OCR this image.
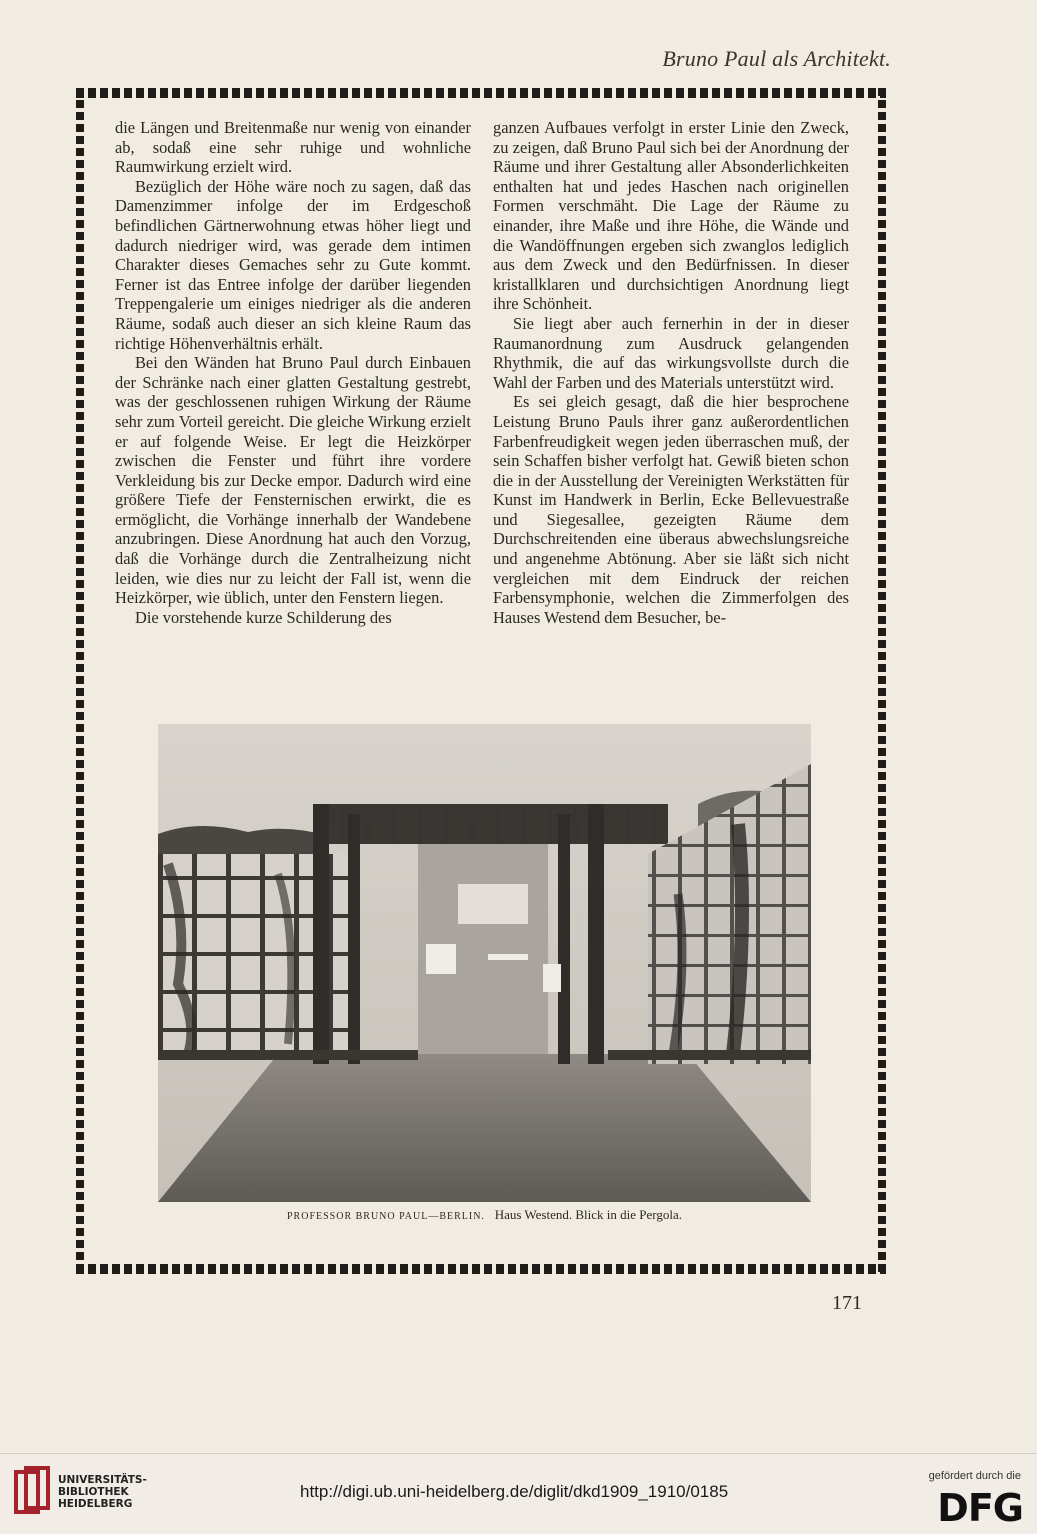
Bruno Paul als Architekt.

die Längen und Breitenmaße nur wenig von einander ab, sodaß eine sehr ruhige und wohnliche Raumwirkung erzielt wird.

Bezüglich der Höhe wäre noch zu sagen, daß das Damenzimmer infolge der im Erdgeschoß befindlichen Gärtnerwohnung etwas höher liegt und dadurch niedriger wird, was gerade dem intimen Charakter dieses Gemaches sehr zu Gute kommt. Ferner ist das Entree infolge der darüber liegenden Treppengalerie um einiges niedriger als die anderen Räume, sodaß auch dieser an sich kleine Raum das richtige Höhenverhältnis erhält.

Bei den Wänden hat Bruno Paul durch Einbauen der Schränke nach einer glatten Gestaltung gestrebt, was der geschlossenen ruhigen Wirkung der Räume sehr zum Vorteil gereicht. Die gleiche Wirkung erzielt er auf folgende Weise. Er legt die Heizkörper zwischen die Fenster und führt ihre vordere Verkleidung bis zur Decke empor. Dadurch wird eine größere Tiefe der Fensternischen erwirkt, die es ermöglicht, die Vorhänge innerhalb der Wandebene anzubringen. Diese Anordnung hat auch den Vorzug, daß die Vorhänge durch die Zentralheizung nicht leiden, wie dies nur zu leicht der Fall ist, wenn die Heizkörper, wie üblich, unter den Fenstern liegen.

Die vorstehende kurze Schilderung des

ganzen Aufbaues verfolgt in erster Linie den Zweck, zu zeigen, daß Bruno Paul sich bei der Anordnung der Räume und ihrer Gestaltung aller Absonderlichkeiten enthalten hat und jedes Haschen nach originellen Formen verschmäht. Die Lage der Räume zu einander, ihre Maße und ihre Höhe, die Wände und die Wandöffnungen ergeben sich zwanglos lediglich aus dem Zweck und den Bedürfnissen. In dieser kristallklaren und durchsichtigen Anordnung liegt ihre Schönheit.

Sie liegt aber auch fernerhin in der in dieser Raumanordnung zum Ausdruck gelangenden Rhythmik, die auf das wirkungsvollste durch die Wahl der Farben und des Materials unterstützt wird.

Es sei gleich gesagt, daß die hier besprochene Leistung Bruno Pauls ihrer ganz außerordentlichen Farbenfreudigkeit wegen jeden überraschen muß, der sein Schaffen bisher verfolgt hat. Gewiß bieten schon die in der Ausstellung der Vereinigten Werkstätten für Kunst im Handwerk in Berlin, Ecke Bellevuestraße und Siegesallee, gezeigten Räume dem Durchschreitenden eine überaus abwechslungsreiche und angenehme Abtönung. Aber sie läßt sich nicht vergleichen mit dem Eindruck der reichen Farbensymphonie, welchen die Zimmerfolgen des Hauses Westend dem Besucher, be-

PROFESSOR BRUNO PAUL—BERLIN. Haus Westend. Blick in die Pergola.
171
UNIVERSITÄTS-
BIBLIOTHEK
HEIDELBERG
http://digi.ub.uni-heidelberg.de/diglit/dkd1909_1910/0185
gefördert durch die
DFG
